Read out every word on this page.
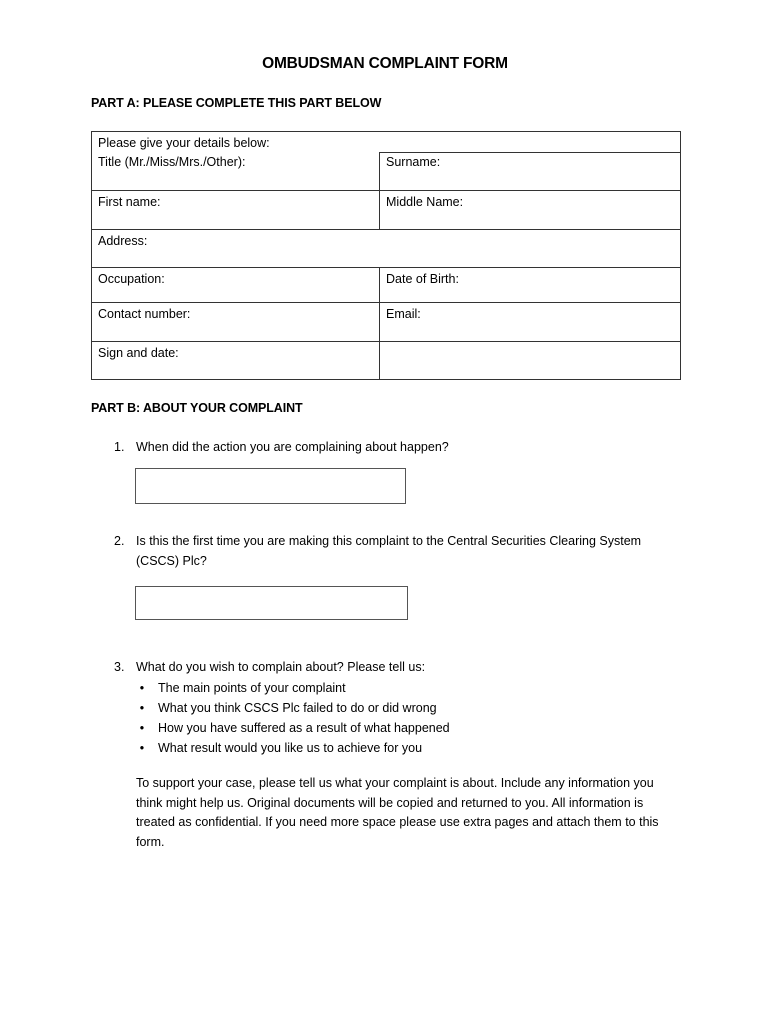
OMBUDSMAN COMPLAINT FORM
PART A: PLEASE COMPLETE THIS PART BELOW
Please give your details below:	

Title (Mr./Miss/Mrs./Other):	Surname:

First name:	Middle Name:

Address:	

Occupation:	Date of Birth:

Contact number:	Email:

Sign and date:	

PART B: ABOUT YOUR COMPLAINT
1. When did the action you are complaining about happen?
2. Is this the first time you are making this complaint to the Central Securities Clearing System (CSCS) Plc?
3. What do you wish to complain about? Please tell us:
•	The main points of your complaint
•	What you think CSCS Plc failed to do or did wrong
•	How you have suffered as a result of what happened
•	What result would you like us to achieve for you
To support your case, please tell us what your complaint is about. Include any information you think might help us. Original documents will be copied and returned to you. All information is treated as confidential. If you need more space please use extra pages and attach them to this form.
